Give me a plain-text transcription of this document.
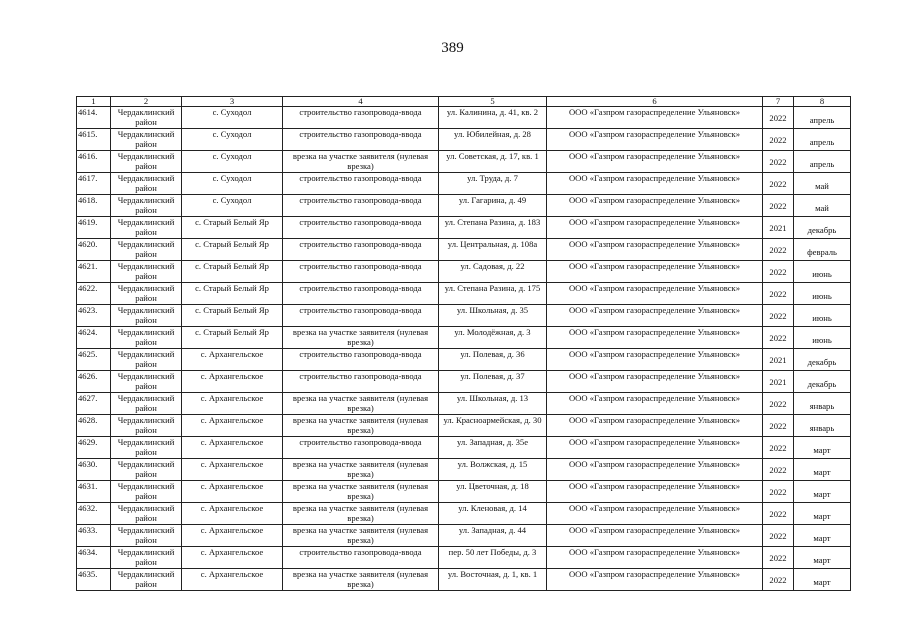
389
1	2	3	4	5	6	7	8
4614.	Чердаклинский район	с. Суходол	строительство газопровода-ввода	ул. Калинина, д. 41, кв. 2	ООО «Газпром газораспределение Ульяновск»	2022	апрель
4615.	Чердаклинский район	с. Суходол	строительство газопровода-ввода	ул. Юбилейная, д. 28	ООО «Газпром газораспределение Ульяновск»	2022	апрель
4616.	Чердаклинский район	с. Суходол	врезка на участке заявителя (нулевая врезка)	ул. Советская, д. 17, кв. 1	ООО «Газпром газораспределение Ульяновск»	2022	апрель
4617.	Чердаклинский район	с. Суходол	строительство газопровода-ввода	ул. Труда, д. 7	ООО «Газпром газораспределение Ульяновск»	2022	май
4618.	Чердаклинский район	с. Суходол	строительство газопровода-ввода	ул. Гагарина, д. 49	ООО «Газпром газораспределение Ульяновск»	2022	май
4619.	Чердаклинский район	с. Старый Белый Яр	строительство газопровода-ввода	ул. Степана Разина, д. 183	ООО «Газпром газораспределение Ульяновск»	2021	декабрь
4620.	Чердаклинский район	с. Старый Белый Яр	строительство газопровода-ввода	ул. Центральная, д. 108а	ООО «Газпром газораспределение Ульяновск»	2022	февраль
4621.	Чердаклинский район	с. Старый Белый Яр	строительство газопровода-ввода	ул. Садовая, д. 22	ООО «Газпром газораспределение Ульяновск»	2022	июнь
4622.	Чердаклинский район	с. Старый Белый Яр	строительство газопровода-ввода	ул. Степана Разина, д. 175	ООО «Газпром газораспределение Ульяновск»	2022	июнь
4623.	Чердаклинский район	с. Старый Белый Яр	строительство газопровода-ввода	ул. Школьная, д. 35	ООО «Газпром газораспределение Ульяновск»	2022	июнь
4624.	Чердаклинский район	с. Старый Белый Яр	врезка на участке заявителя (нулевая врезка)	ул. Молодёжная, д. 3	ООО «Газпром газораспределение Ульяновск»	2022	июнь
4625.	Чердаклинский район	с. Архангельское	строительство газопровода-ввода	ул. Полевая, д. 36	ООО «Газпром газораспределение Ульяновск»	2021	декабрь
4626.	Чердаклинский район	с. Архангельское	строительство газопровода-ввода	ул. Полевая, д. 37	ООО «Газпром газораспределение Ульяновск»	2021	декабрь
4627.	Чердаклинский район	с. Архангельское	врезка на участке заявителя (нулевая врезка)	ул. Школьная, д. 13	ООО «Газпром газораспределение Ульяновск»	2022	январь
4628.	Чердаклинский район	с. Архангельское	врезка на участке заявителя (нулевая врезка)	ул. Красноармейская, д. 30	ООО «Газпром газораспределение Ульяновск»	2022	январь
4629.	Чердаклинский район	с. Архангельское	строительство газопровода-ввода	ул. Западная, д. 35е	ООО «Газпром газораспределение Ульяновск»	2022	март
4630.	Чердаклинский район	с. Архангельское	врезка на участке заявителя (нулевая врезка)	ул. Волжская, д. 15	ООО «Газпром газораспределение Ульяновск»	2022	март
4631.	Чердаклинский район	с. Архангельское	врезка на участке заявителя (нулевая врезка)	ул. Цветочная, д. 18	ООО «Газпром газораспределение Ульяновск»	2022	март
4632.	Чердаклинский район	с. Архангельское	врезка на участке заявителя (нулевая врезка)	ул. Кленовая, д. 14	ООО «Газпром газораспределение Ульяновск»	2022	март
4633.	Чердаклинский район	с. Архангельское	врезка на участке заявителя (нулевая врезка)	ул. Западная, д. 44	ООО «Газпром газораспределение Ульяновск»	2022	март
4634.	Чердаклинский район	с. Архангельское	строительство газопровода-ввода	пер. 50 лет Победы, д. 3	ООО «Газпром газораспределение Ульяновск»	2022	март
4635.	Чердаклинский район	с. Архангельское	врезка на участке заявителя (нулевая врезка)	ул. Восточная, д. 1, кв. 1	ООО «Газпром газораспределение Ульяновск»	2022	март
